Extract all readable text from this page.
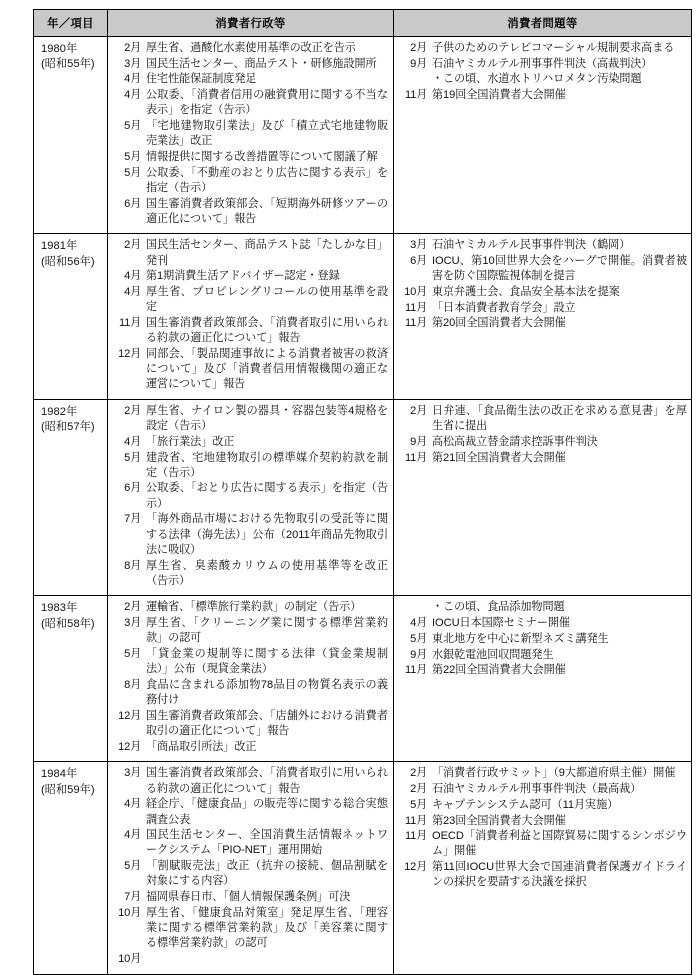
年／項目	消費者行政等	消費者問題等

1980年
(昭和55年)

2月 厚生省、過酸化水素使用基準の改正を告示
3月 国民生活センター、商品テスト・研修施設開所
4月 住宅性能保証制度発足
4月 公取委、「消費者信用の融資費用に関する不当な表示」を指定（告示）
5月 「宅地建物取引業法」及び「積立式宅地建物販売業法」改正
5月 情報提供に関する改善措置等について閣議了解
5月 公取委、「不動産のおとり広告に関する表示」を指定（告示）
6月 国生審消費者政策部会、「短期海外研修ツアーの適正化について」報告

2月 子供のためのテレビコマーシャル規制要求高まる
9月 石油ヤミカルテル刑事事件判決（高裁判決）
・この頃、水道水トリハロメタン汚染問題
11月 第19回全国消費者大会開催

1981年
(昭和56年)

2月 国民生活センター、商品テスト誌「たしかな目」発刊
4月 第1期消費生活アドバイザー認定・登録
4月 厚生省、プロピレングリコールの使用基準を設定
11月 国生審消費者政策部会、「消費者取引に用いられる約款の適正化について」報告
12月 同部会、「製品関連事故による消費者被害の救済について」及び「消費者信用情報機関の適正な運営について」報告

3月 石油ヤミカルテル民事事件判決（鶴岡）
6月 IOCU、第10回世界大会をハーグで開催。消費者被害を防ぐ国際監視体制を提言
10月 東京弁護士会、食品安全基本法を提案
11月 「日本消費者教育学会」設立
11月 第20回全国消費者大会開催

1982年
(昭和57年)

2月 厚生省、ナイロン製の器具・容器包装等4規格を設定（告示）
4月 「旅行業法」改正
5月 建設省、宅地建物取引の標準媒介契約約款を制定（告示）
6月 公取委、「おとり広告に関する表示」を指定（告示）
7月 「海外商品市場における先物取引の受託等に関する法律（海先法）」公布（2011年商品先物取引法に吸収）
8月 厚生省、臭素酸カリウムの使用基準等を改正（告示）

2月 日弁連、「食品衛生法の改正を求める意見書」を厚生省に提出
9月 高松高裁立替金請求控訴事件判決
11月 第21回全国消費者大会開催

1983年
(昭和58年)

2月 運輸省、「標準旅行業約款」の制定（告示）
3月 厚生省、「クリーニング業に関する標準営業約款」の認可
5月 「貸金業の規制等に関する法律（貸金業規制法）」公布（現貸金業法）
8月 食品に含まれる添加物78品目の物質名表示の義務付け
12月 国生審消費者政策部会、「店舗外における消費者取引の適正化について」報告
12月 「商品取引所法」改正

・この頃、食品添加物問題
4月 IOCU日本国際セミナー開催
5月 東北地方を中心に新型ネズミ講発生
9月 水銀乾電池回収問題発生
11月 第22回全国消費者大会開催

1984年
(昭和59年)

3月 国生審消費者政策部会、「消費者取引に用いられる約款の適正化について」報告
4月 経企庁、「健康食品」の販売等に関する総合実態調査公表
4月 国民生活センター、全国消費生活情報ネットワークシステム「PIO-NET」運用開始
5月 「割賦販売法」改正（抗弁の接続、個品割賦を対象にする内容）
7月 福岡県春日市、「個人情報保護条例」可決
10月 厚生省、「健康食品対策室」発足厚生省、「理容業に関する標準営業約款」及び「美容業に関する標準営業約款」の認可
10月

2月 「消費者行政サミット」（9大都道府県主催）開催
2月 石油ヤミカルテル刑事事件判決（最高裁）
5月 キャプテンシステム認可（11月実施）
11月 第23回全国消費者大会開催
11月 OECD「消費者利益と国際貿易に関するシンポジウム」開催
12月 第11回IOCU世界大会で国連消費者保護ガイドラインの採択を要請する決議を採択
